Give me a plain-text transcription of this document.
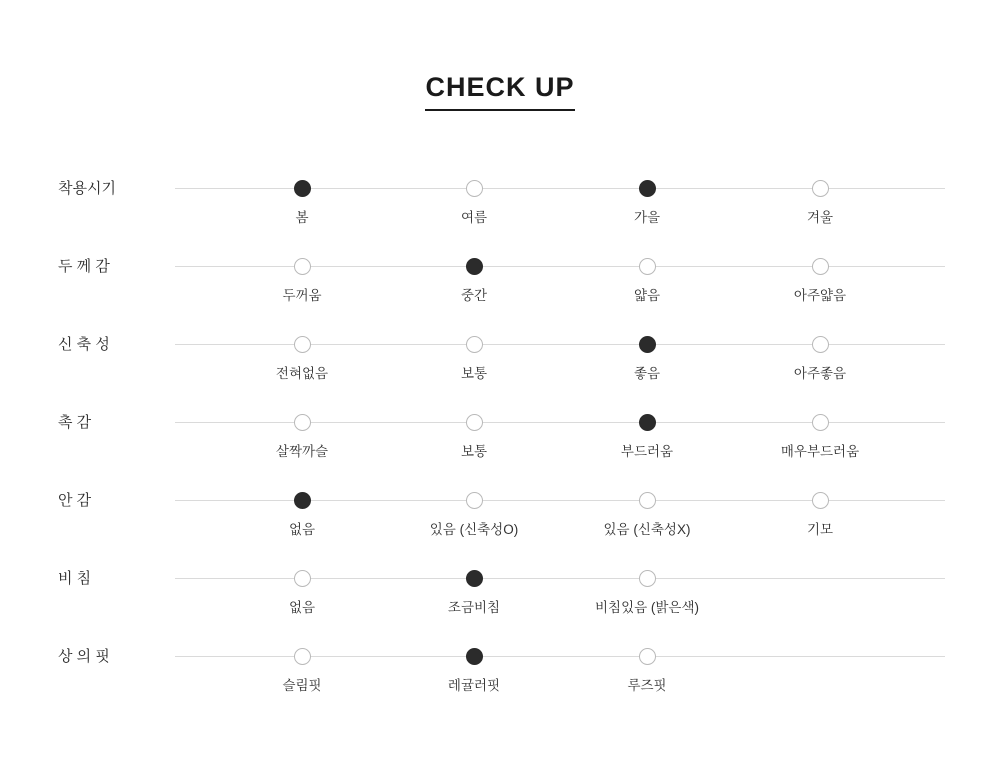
CHECK UP
착용시기
봄	여름	가을	겨울
두 께 감
두꺼움	중간	얇음	아주얇음
신 축 성
전혀없음	보통	좋음	아주좋음
촉 감
살짝까슬	보통	부드러움	매우부드러움
안 감
없음	있음 (신축성O)	있음 (신축성X)	기모
비 침
없음	조금비침	비침있음 (밝은색)
상 의 핏
슬림핏	레귤러핏	루즈핏
